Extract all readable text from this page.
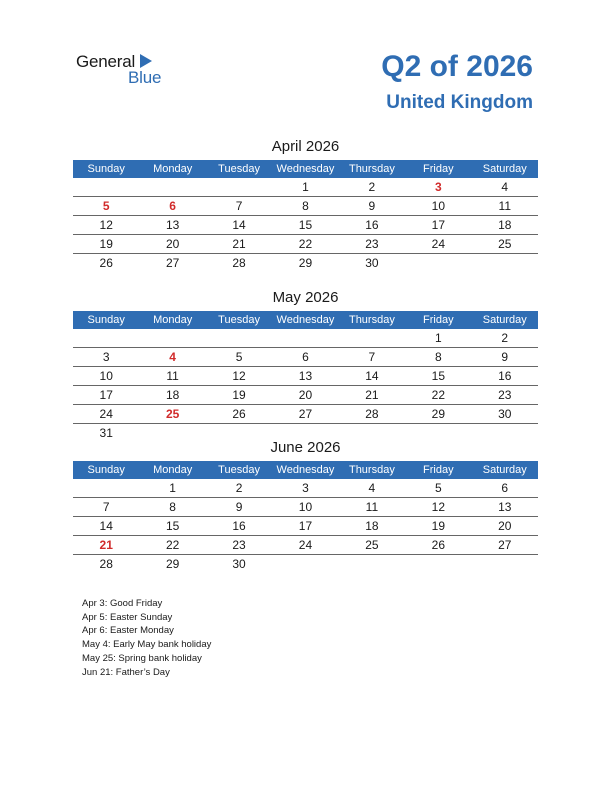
General
Blue	Q2 of 2026
United Kingdom
April 2026
Sunday	Monday	Tuesday	Wednesday	Thursday	Friday	Saturday
			1	2	3	4
5	6	7	8	9	10	11
12	13	14	15	16	17	18
19	20	21	22	23	24	25
26	27	28	29	30		
May 2026
Sunday	Monday	Tuesday	Wednesday	Thursday	Friday	Saturday
					1	2
3	4	5	6	7	8	9
10	11	12	13	14	15	16
17	18	19	20	21	22	23
24	25	26	27	28	29	30
31						
June 2026
Sunday	Monday	Tuesday	Wednesday	Thursday	Friday	Saturday
	1	2	3	4	5	6
7	8	9	10	11	12	13
14	15	16	17	18	19	20
21	22	23	24	25	26	27
28	29	30				
Apr 3: Good Friday
Apr 5: Easter Sunday
Apr 6: Easter Monday
May 4: Early May bank holiday
May 25: Spring bank holiday
Jun 21: Father’s Day
